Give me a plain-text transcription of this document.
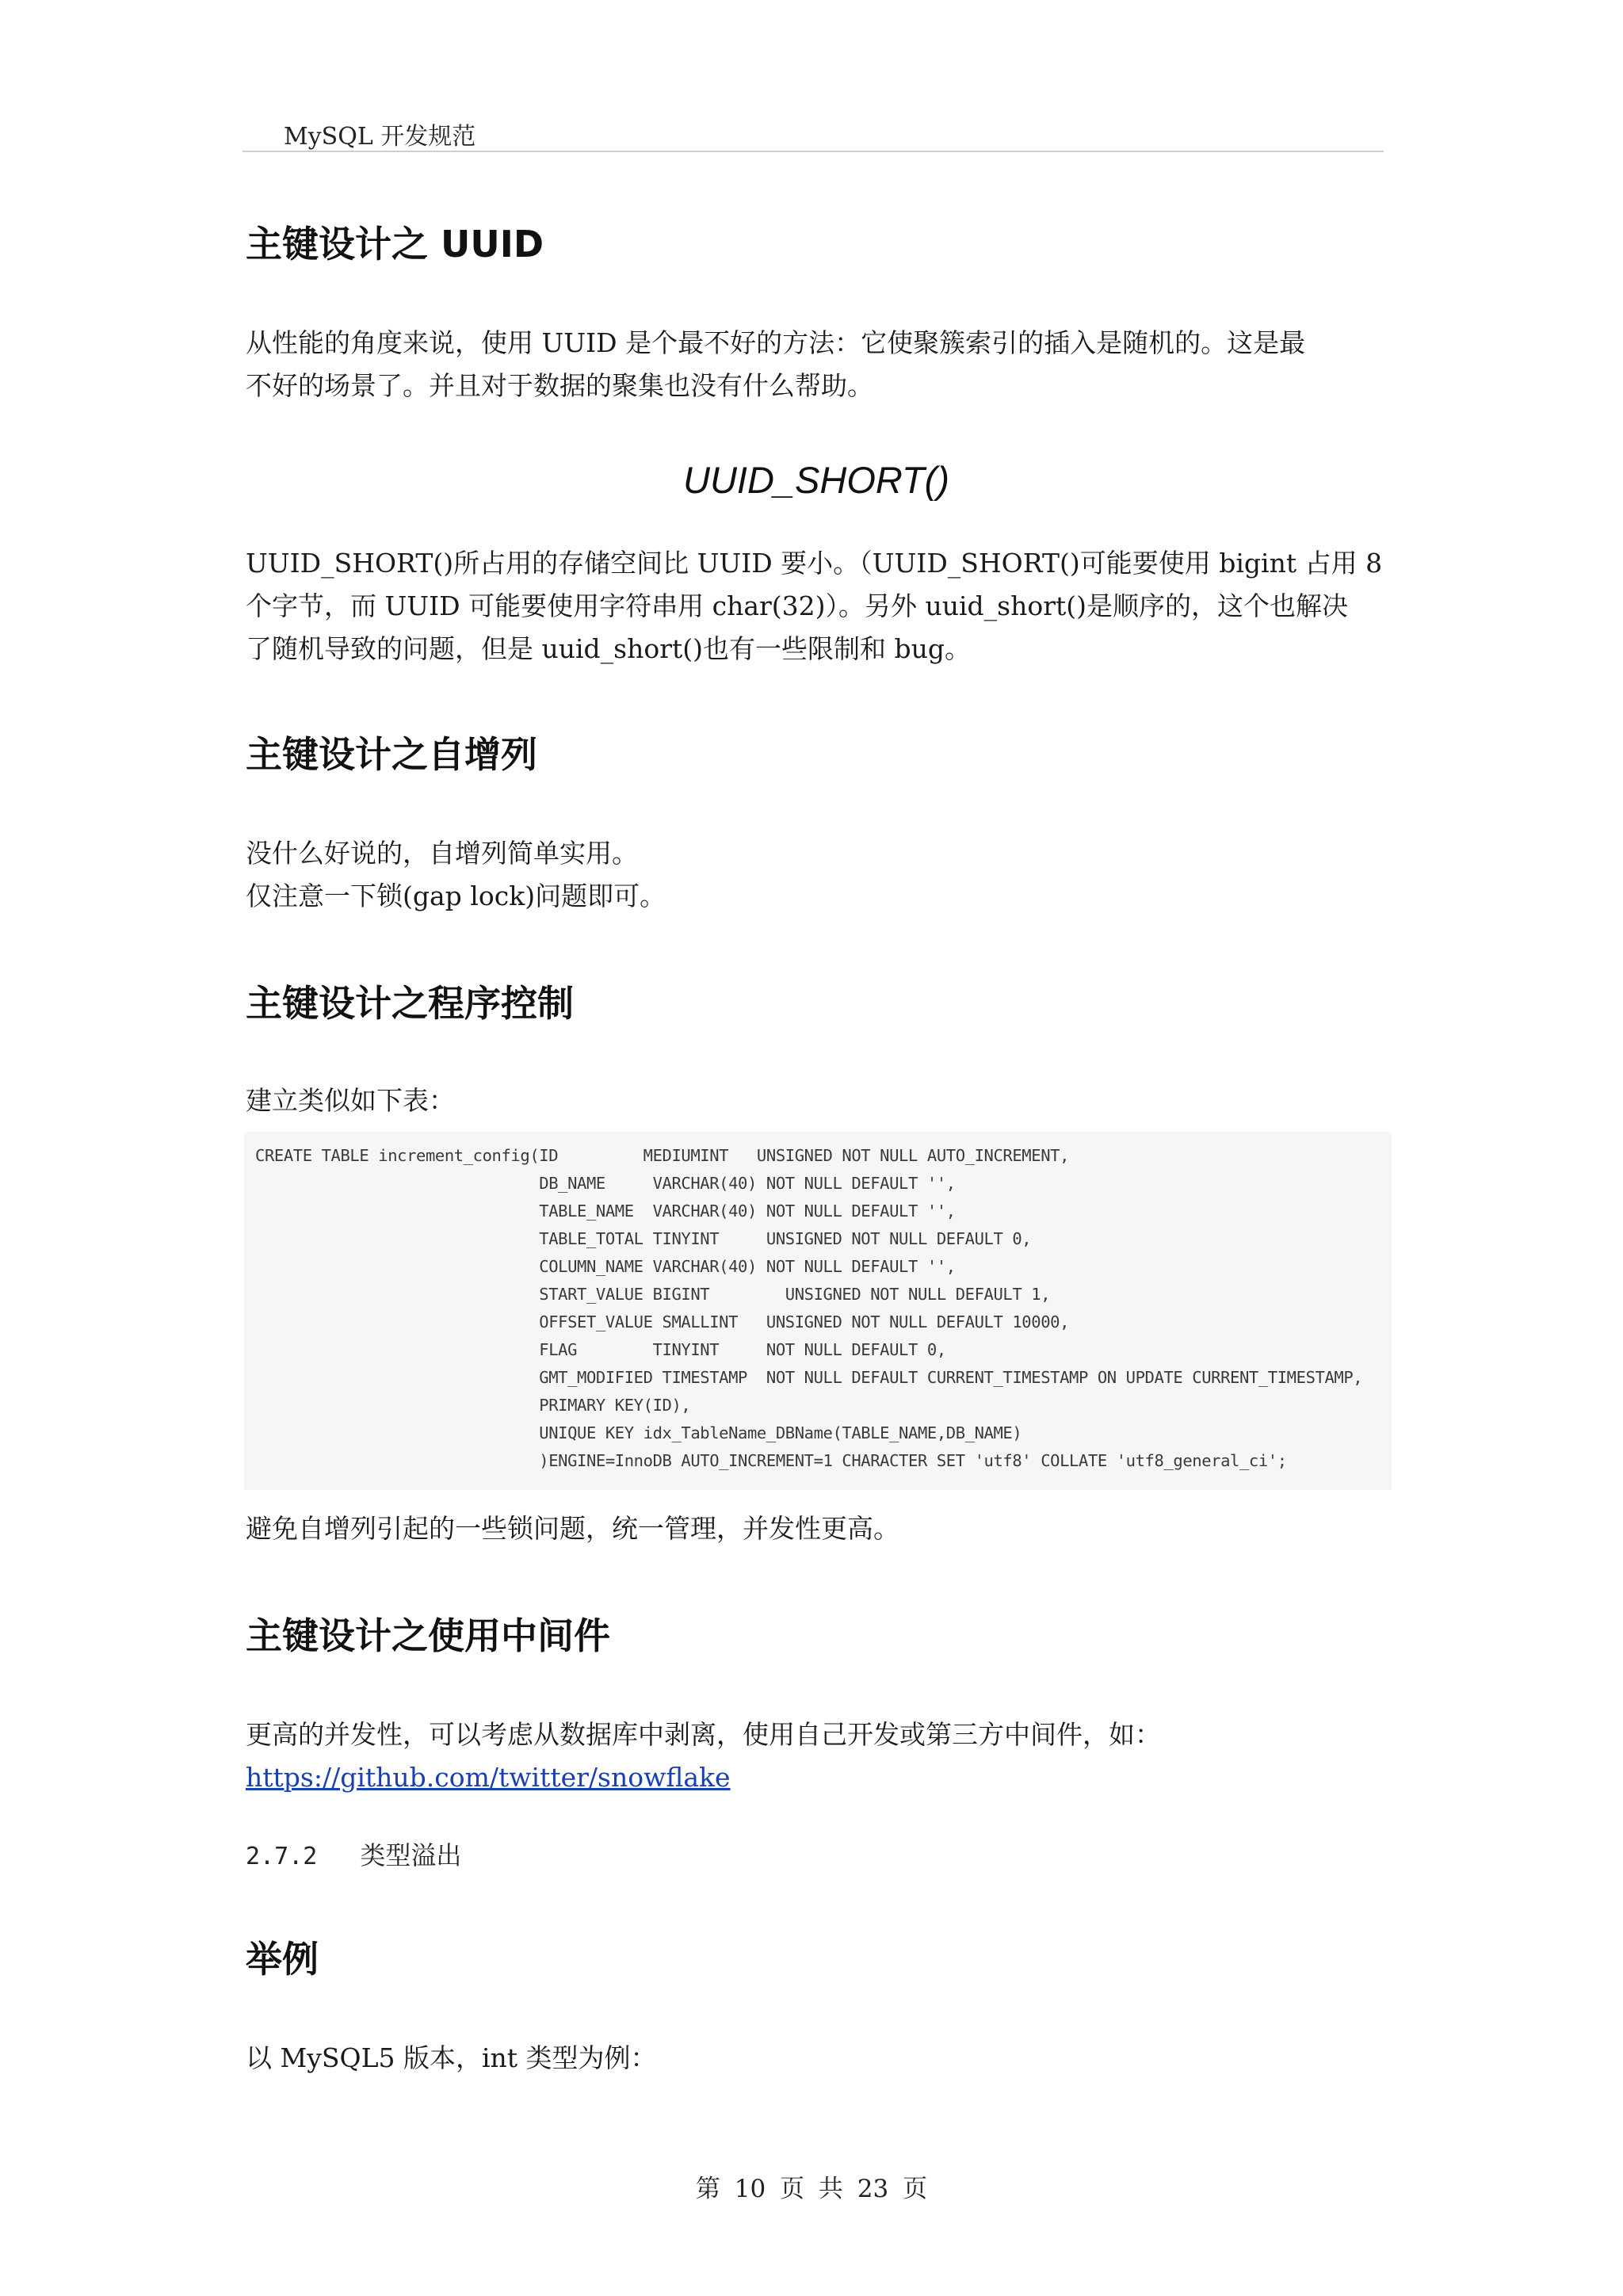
MySQL 开发规范
主键设计之 UUID

从性能的角度来说，使用 UUID 是个最不好的方法：它使聚簇索引的插入是随机的。这是最

不好的场景了。并且对于数据的聚集也没有什么帮助。

UUID_SHORT()

UUID_SHORT()所占用的存储空间比 UUID 要小。（UUID_SHORT()可能要使用 bigint 占用 8

个字节，而 UUID 可能要使用字符串用 char(32)）。另外 uuid_short()是顺序的，这个也解决

了随机导致的问题，但是 uuid_short()也有一些限制和 bug。

主键设计之自增列

没什么好说的，自增列简单实用。

仅注意一下锁(gap lock)问题即可。

主键设计之程序控制

建立类似如下表：

CREATE TABLE increment_config(ID         MEDIUMINT   UNSIGNED NOT NULL AUTO_INCREMENT,
DB_NAME     VARCHAR(40) NOT NULL DEFAULT '',
TABLE_NAME  VARCHAR(40) NOT NULL DEFAULT '',
TABLE_TOTAL TINYINT     UNSIGNED NOT NULL DEFAULT 0,
COLUMN_NAME VARCHAR(40) NOT NULL DEFAULT '',
START_VALUE BIGINT        UNSIGNED NOT NULL DEFAULT 1,
OFFSET_VALUE SMALLINT   UNSIGNED NOT NULL DEFAULT 10000,
FLAG        TINYINT     NOT NULL DEFAULT 0,
GMT_MODIFIED TIMESTAMP  NOT NULL DEFAULT CURRENT_TIMESTAMP ON UPDATE CURRENT_TIMESTAMP,
PRIMARY KEY(ID),
UNIQUE KEY idx_TableName_DBName(TABLE_NAME,DB_NAME)
)ENGINE=InnoDB AUTO_INCREMENT=1 CHARACTER SET 'utf8' COLLATE 'utf8_general_ci';

避免自增列引起的一些锁问题，统一管理，并发性更高。

主键设计之使用中间件

更高的并发性，可以考虑从数据库中剥离，使用自己开发或第三方中间件，如：

https://github.com/twitter/snowflake

2.7.2 类型溢出
举例

以 MySQL5 版本，int 类型为例：

第 10 页 共 23 页
